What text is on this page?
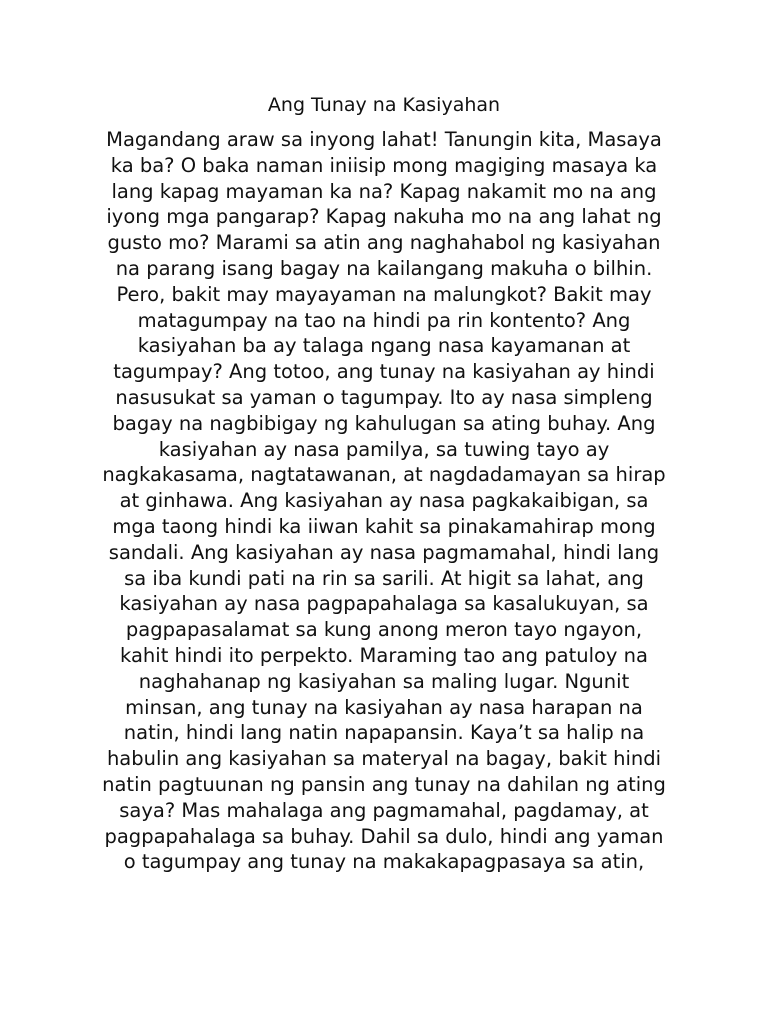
Ang Tunay na Kasiyahan
Magandang araw sa inyong lahat! Tanungin kita, Masaya
ka ba? O baka naman iniisip mong magiging masaya ka
lang kapag mayaman ka na? Kapag nakamit mo na ang
iyong mga pangarap? Kapag nakuha mo na ang lahat ng
gusto mo? Marami sa atin ang naghahabol ng kasiyahan
na parang isang bagay na kailangang makuha o bilhin.
Pero, bakit may mayayaman na malungkot? Bakit may
matagumpay na tao na hindi pa rin kontento? Ang
kasiyahan ba ay talaga ngang nasa kayamanan at
tagumpay? Ang totoo, ang tunay na kasiyahan ay hindi
nasusukat sa yaman o tagumpay. Ito ay nasa simpleng
bagay na nagbibigay ng kahulugan sa ating buhay. Ang
kasiyahan ay nasa pamilya, sa tuwing tayo ay
nagkakasama, nagtatawanan, at nagdadamayan sa hirap
at ginhawa. Ang kasiyahan ay nasa pagkakaibigan, sa
mga taong hindi ka iiwan kahit sa pinakamahirap mong
sandali. Ang kasiyahan ay nasa pagmamahal, hindi lang
sa iba kundi pati na rin sa sarili. At higit sa lahat, ang
kasiyahan ay nasa pagpapahalaga sa kasalukuyan, sa
pagpapasalamat sa kung anong meron tayo ngayon,
kahit hindi ito perpekto. Maraming tao ang patuloy na
naghahanap ng kasiyahan sa maling lugar. Ngunit
minsan, ang tunay na kasiyahan ay nasa harapan na
natin, hindi lang natin napapansin. Kaya’t sa halip na
habulin ang kasiyahan sa materyal na bagay, bakit hindi
natin pagtuunan ng pansin ang tunay na dahilan ng ating
saya? Mas mahalaga ang pagmamahal, pagdamay, at
pagpapahalaga sa buhay. Dahil sa dulo, hindi ang yaman
o tagumpay ang tunay na makakapagpasaya sa atin,
